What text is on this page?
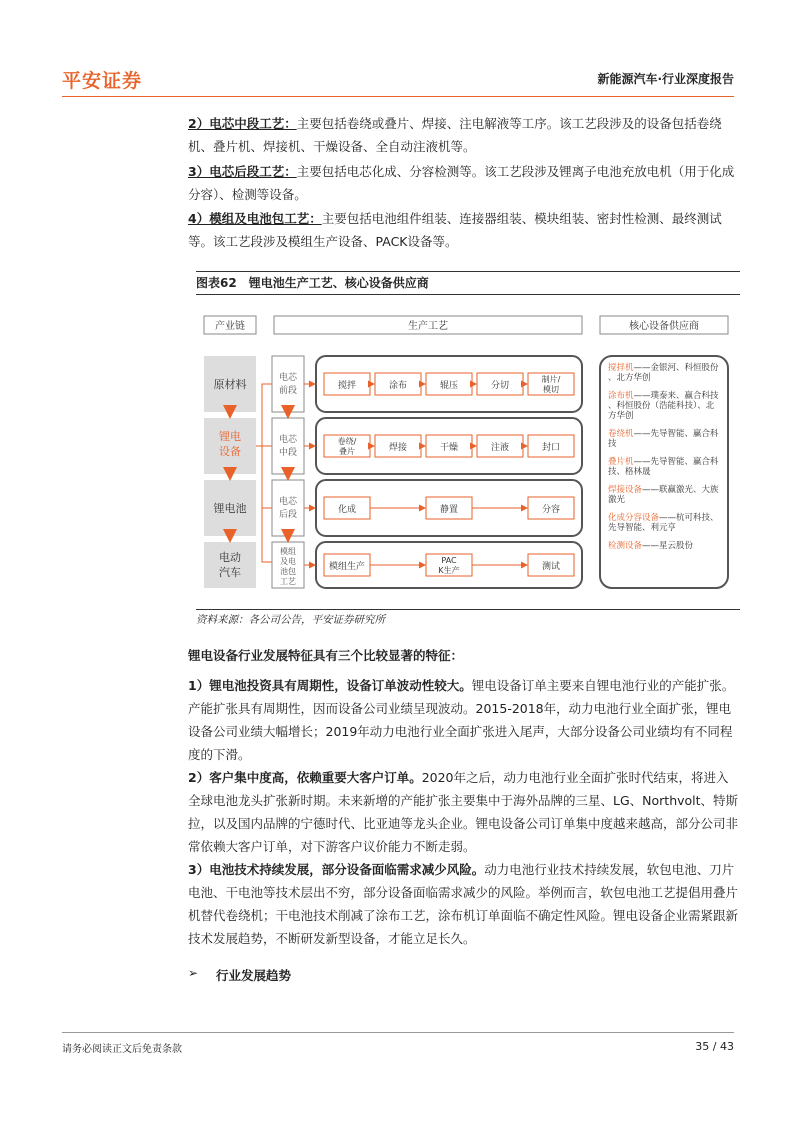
平安证券	新能源汽车·行业深度报告
2）电芯中段工艺：主要包括卷绕或叠片、焊接、注电解液等工序。该工艺段涉及的设备包括卷绕机、叠片机、焊接机、干燥设备、全自动注液机等。
3）电芯后段工艺：主要包括电芯化成、分容检测等。该工艺段涉及锂离子电池充放电机（用于化成分容）、检测等设备。
4）模组及电池包工艺：主要包括电池组件组装、连接器组装、模块组装、密封性检测、最终测试等。该工艺段涉及模组生产设备、PACK设备等。
图表62　锂电池生产工艺、核心设备供应商
产业链	生产工艺	核心设备供应商
原材料
锂电
设备
锂电池
电动
汽车
电芯
前段
电芯
中段
电芯
后段
模组
及电
池包
工艺
搅拌	涂布	辊压	分切
制片/
模切
卷绕/
叠片	焊接	干燥	注液	封口
化成	静置	分容
模组生产
PAC
K生产	测试
搅拌机——金银河、科恒股份
、北方华创
涂布机——璞泰来、赢合科技
、科恒股份（浩能科技）、北
方华创
卷绕机——先导智能、赢合科
技
叠片机——先导智能、赢合科
技、格林晟
焊接设备——联赢激光、大族
激光
化成分容设备——杭可科技、
先导智能、利元亨
检测设备——星云股份
资料来源：各公司公告，平安证券研究所
锂电设备行业发展特征具有三个比较显著的特征：
1）锂电池投资具有周期性，设备订单波动性较大。锂电设备订单主要来自锂电池行业的产能扩张。产能扩张具有周期性，因而设备公司业绩呈现波动。2015-2018年，动力电池行业全面扩张，锂电设备公司业绩大幅增长；2019年动力电池行业全面扩张进入尾声，大部分设备公司业绩均有不同程度的下滑。
2）客户集中度高，依赖重要大客户订单。2020年之后，动力电池行业全面扩张时代结束，将进入全球电池龙头扩张新时期。未来新增的产能扩张主要集中于海外品牌的三星、LG、Northvolt、特斯拉，以及国内品牌的宁德时代、比亚迪等龙头企业。锂电设备公司订单集中度越来越高，部分公司非常依赖大客户订单，对下游客户议价能力不断走弱。
3）电池技术持续发展，部分设备面临需求减少风险。动力电池行业技术持续发展，软包电池、刀片电池、干电池等技术层出不穷，部分设备面临需求减少的风险。举例而言，软包电池工艺提倡用叠片机替代卷绕机；干电池技术削减了涂布工艺，涂布机订单面临不确定性风险。锂电设备企业需紧跟新技术发展趋势，不断研发新型设备，才能立足长久。
➢ 行业发展趋势
请务必阅读正文后免责条款	35 / 43
